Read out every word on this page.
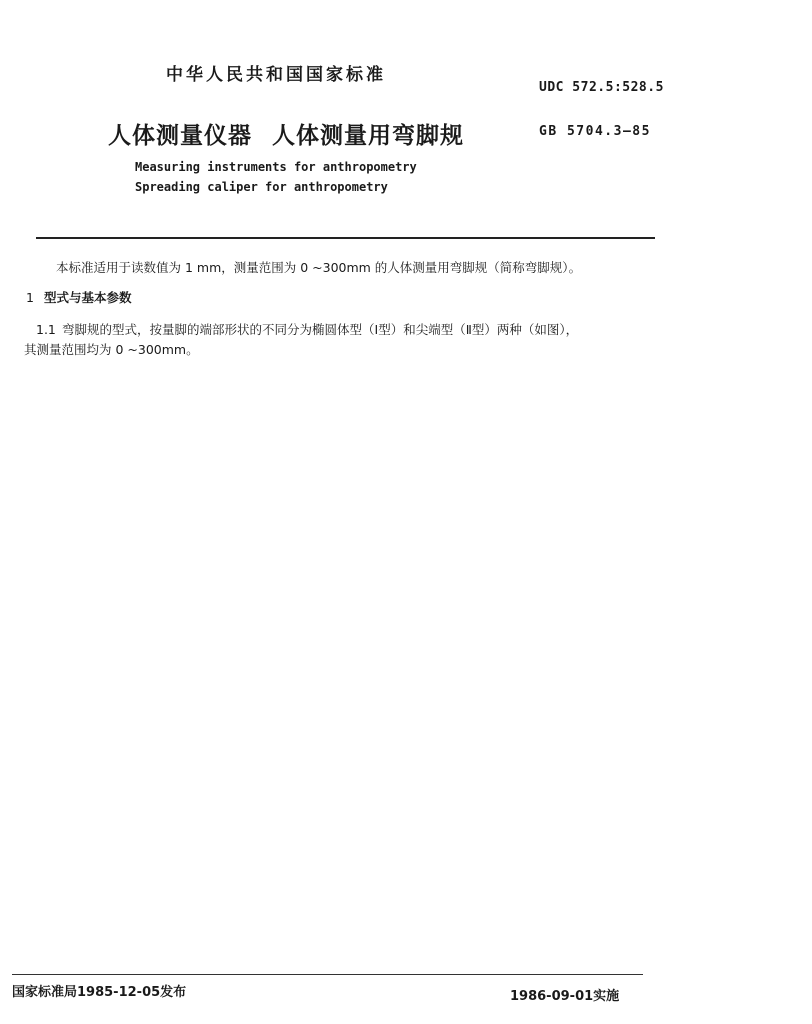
中华人民共和国国家标准
UDC 572.5:528.5
人体测量仪器 人体测量用弯脚规	GB 5704.3—85
Measuring instruments for anthropometry
Spreading caliper for anthropometry
本标准适用于读数值为 1 mm，测量范围为 0 ~300mm 的人体测量用弯脚规（简称弯脚规）。
1 型式与基本参数
1.1 弯脚规的型式，按量脚的端部形状的不同分为椭圆体型（Ⅰ型）和尖端型（Ⅱ型）两种（如图），
其测量范围均为 0 ~300mm。
国家标准局1985-12-05发布	1986-09-01实施
